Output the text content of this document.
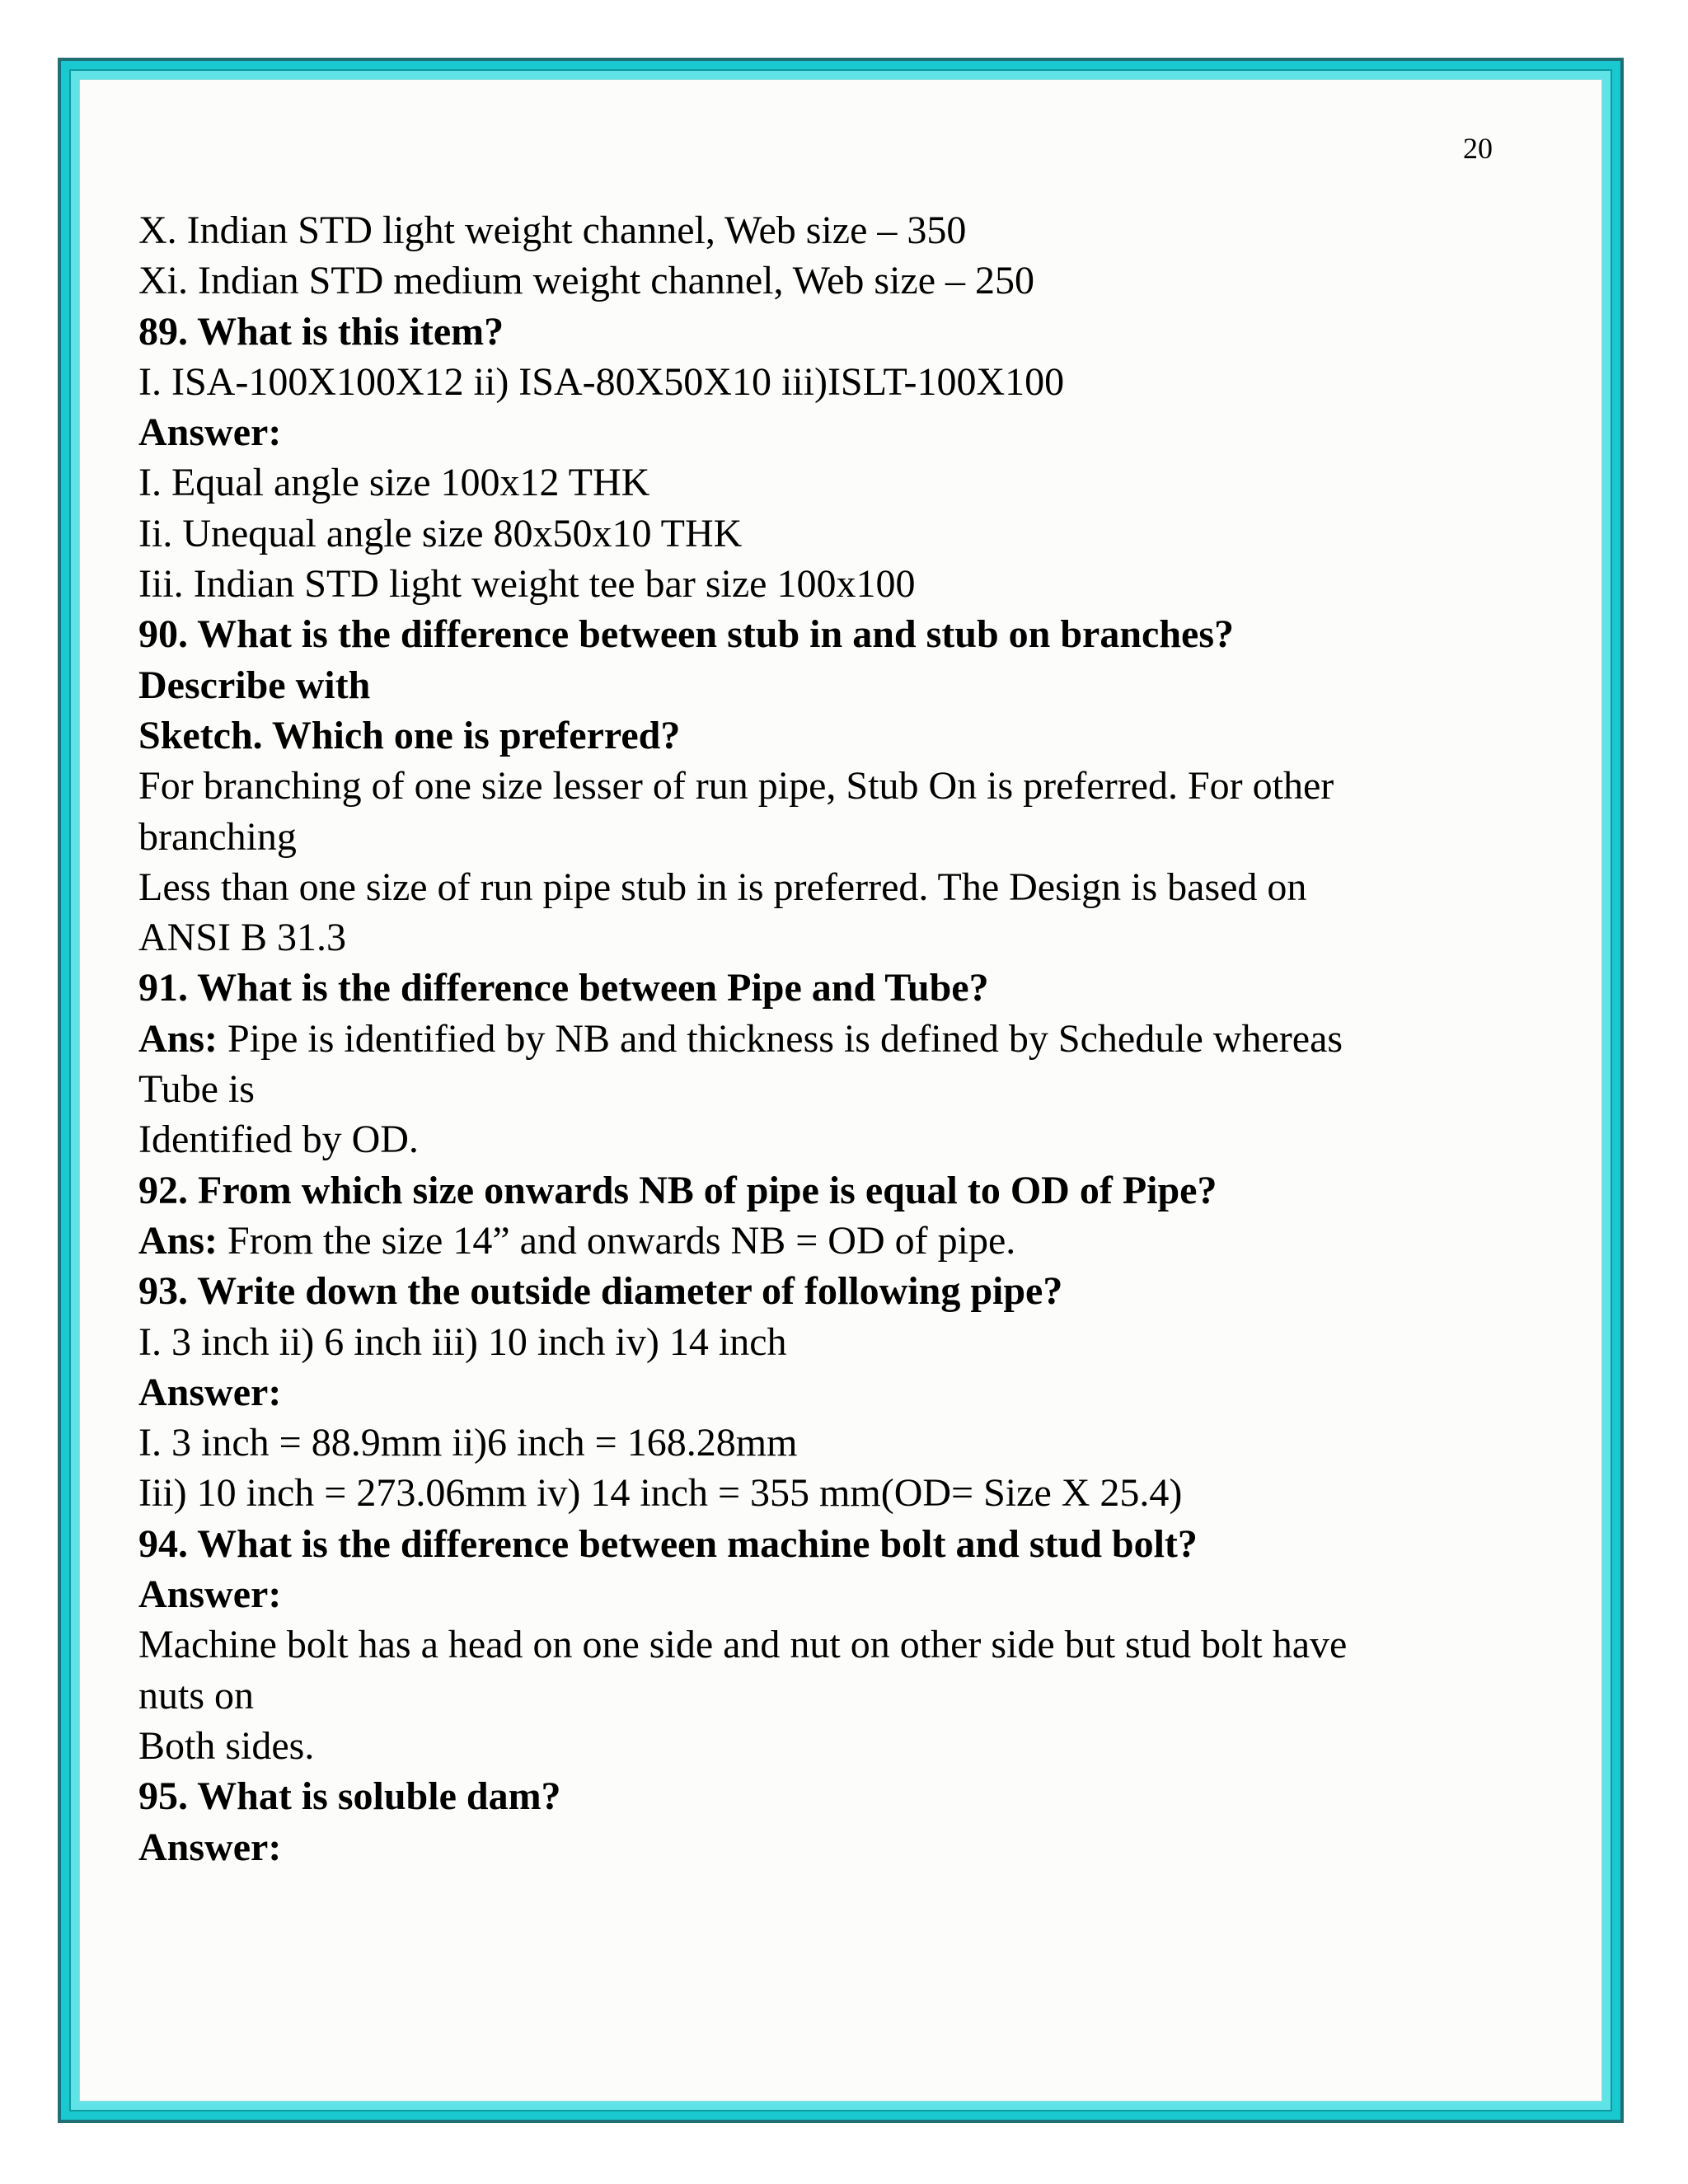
20

X. Indian STD light weight channel, Web size – 350

Xi. Indian STD medium weight channel, Web size – 250

89. What is this item?

I. ISA-100X100X12 ii) ISA-80X50X10 iii)ISLT-100X100

Answer:

I. Equal angle size 100x12 THK

Ii. Unequal angle size 80x50x10 THK

Iii. Indian STD light weight tee bar size 100x100

90. What is the difference between stub in and stub on branches?

Describe with

Sketch. Which one is preferred?

For branching of one size lesser of run pipe, Stub On is preferred. For other

branching

Less than one size of run pipe stub in is preferred. The Design is based on

ANSI B 31.3

91. What is the difference between Pipe and Tube?

Ans: Pipe is identified by NB and thickness is defined by Schedule whereas

Tube is

Identified by OD.

92. From which size onwards NB of pipe is equal to OD of Pipe?

Ans: From the size 14” and onwards NB = OD of pipe.

93. Write down the outside diameter of following pipe?

I. 3 inch ii) 6 inch iii) 10 inch iv) 14 inch

Answer:

I. 3 inch = 88.9mm ii)6 inch = 168.28mm

Iii) 10 inch = 273.06mm iv) 14 inch = 355 mm(OD= Size X 25.4)

94. What is the difference between machine bolt and stud bolt?

Answer:

Machine bolt has a head on one side and nut on other side but stud bolt have

nuts on

Both sides.

95. What is soluble dam?

Answer:
